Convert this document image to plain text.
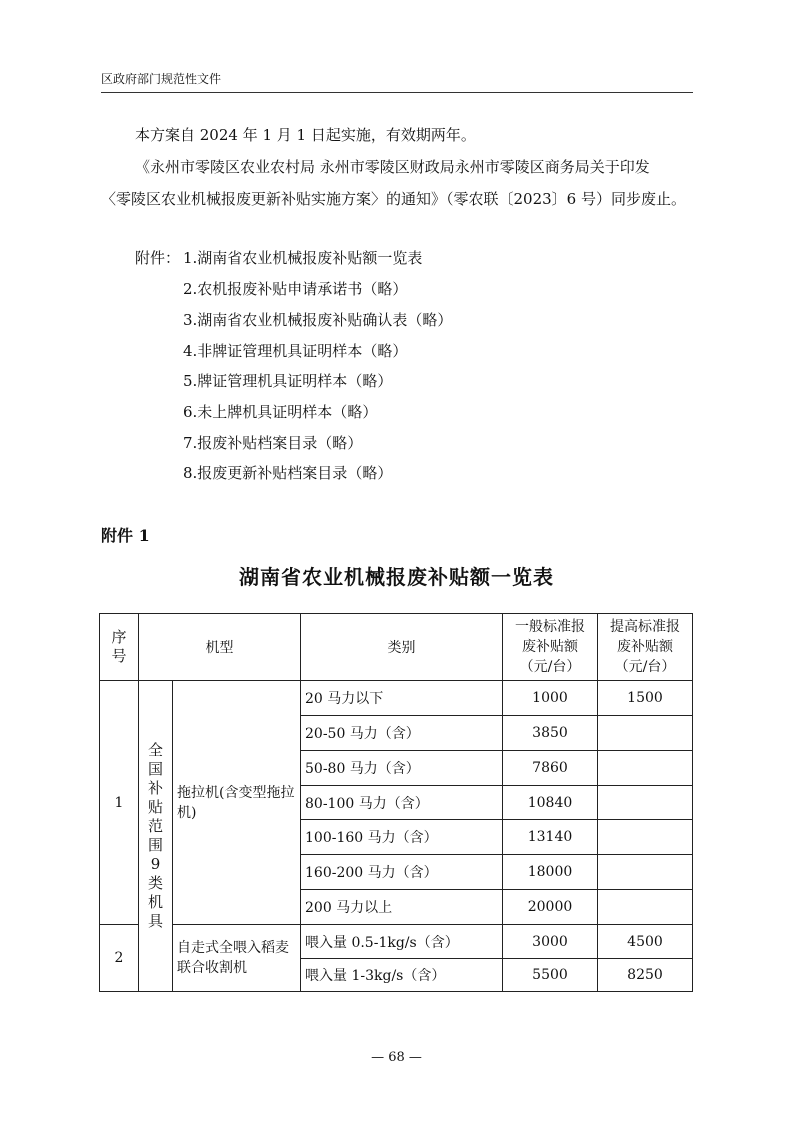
区政府部门规范性文件
本方案自 2024 年 1 月 1 日起实施，有效期两年。
《永州市零陵区农业农村局 永州市零陵区财政局永州市零陵区商务局关于印发
〈零陵区农业机械报废更新补贴实施方案〉的通知》（零农联〔2023〕6 号）同步废止。
附件： 1.湖南省农业机械报废补贴额一览表
2.农机报废补贴申请承诺书（略）
3.湖南省农业机械报废补贴确认表（略）
4.非牌证管理机具证明样本（略）
5.牌证管理机具证明样本（略）
6.未上牌机具证明样本（略）
7.报废补贴档案目录（略）
8.报废更新补贴档案目录（略）
附件 1
湖南省农业机械报废补贴额一览表
序号	机型		类别	一般标准报废补贴额（元/台）	提高标准报废补贴额（元/台）

1	全国补贴范围9类机具	拖拉机(含变型拖拉机)	20 马力以下	1000	1500
			20-50 马力（含）	3850	
			50-80 马力（含）	7860	
			80-100 马力（含）	10840	
			100-160 马力（含）	13140	
			160-200 马力（含）	18000	
			200 马力以上	20000	
2		自走式全喂入稻麦联合收割机	喂入量 0.5-1kg/s（含）	3000	4500
			喂入量 1-3kg/s（含）	5500	8250
— 68 —
